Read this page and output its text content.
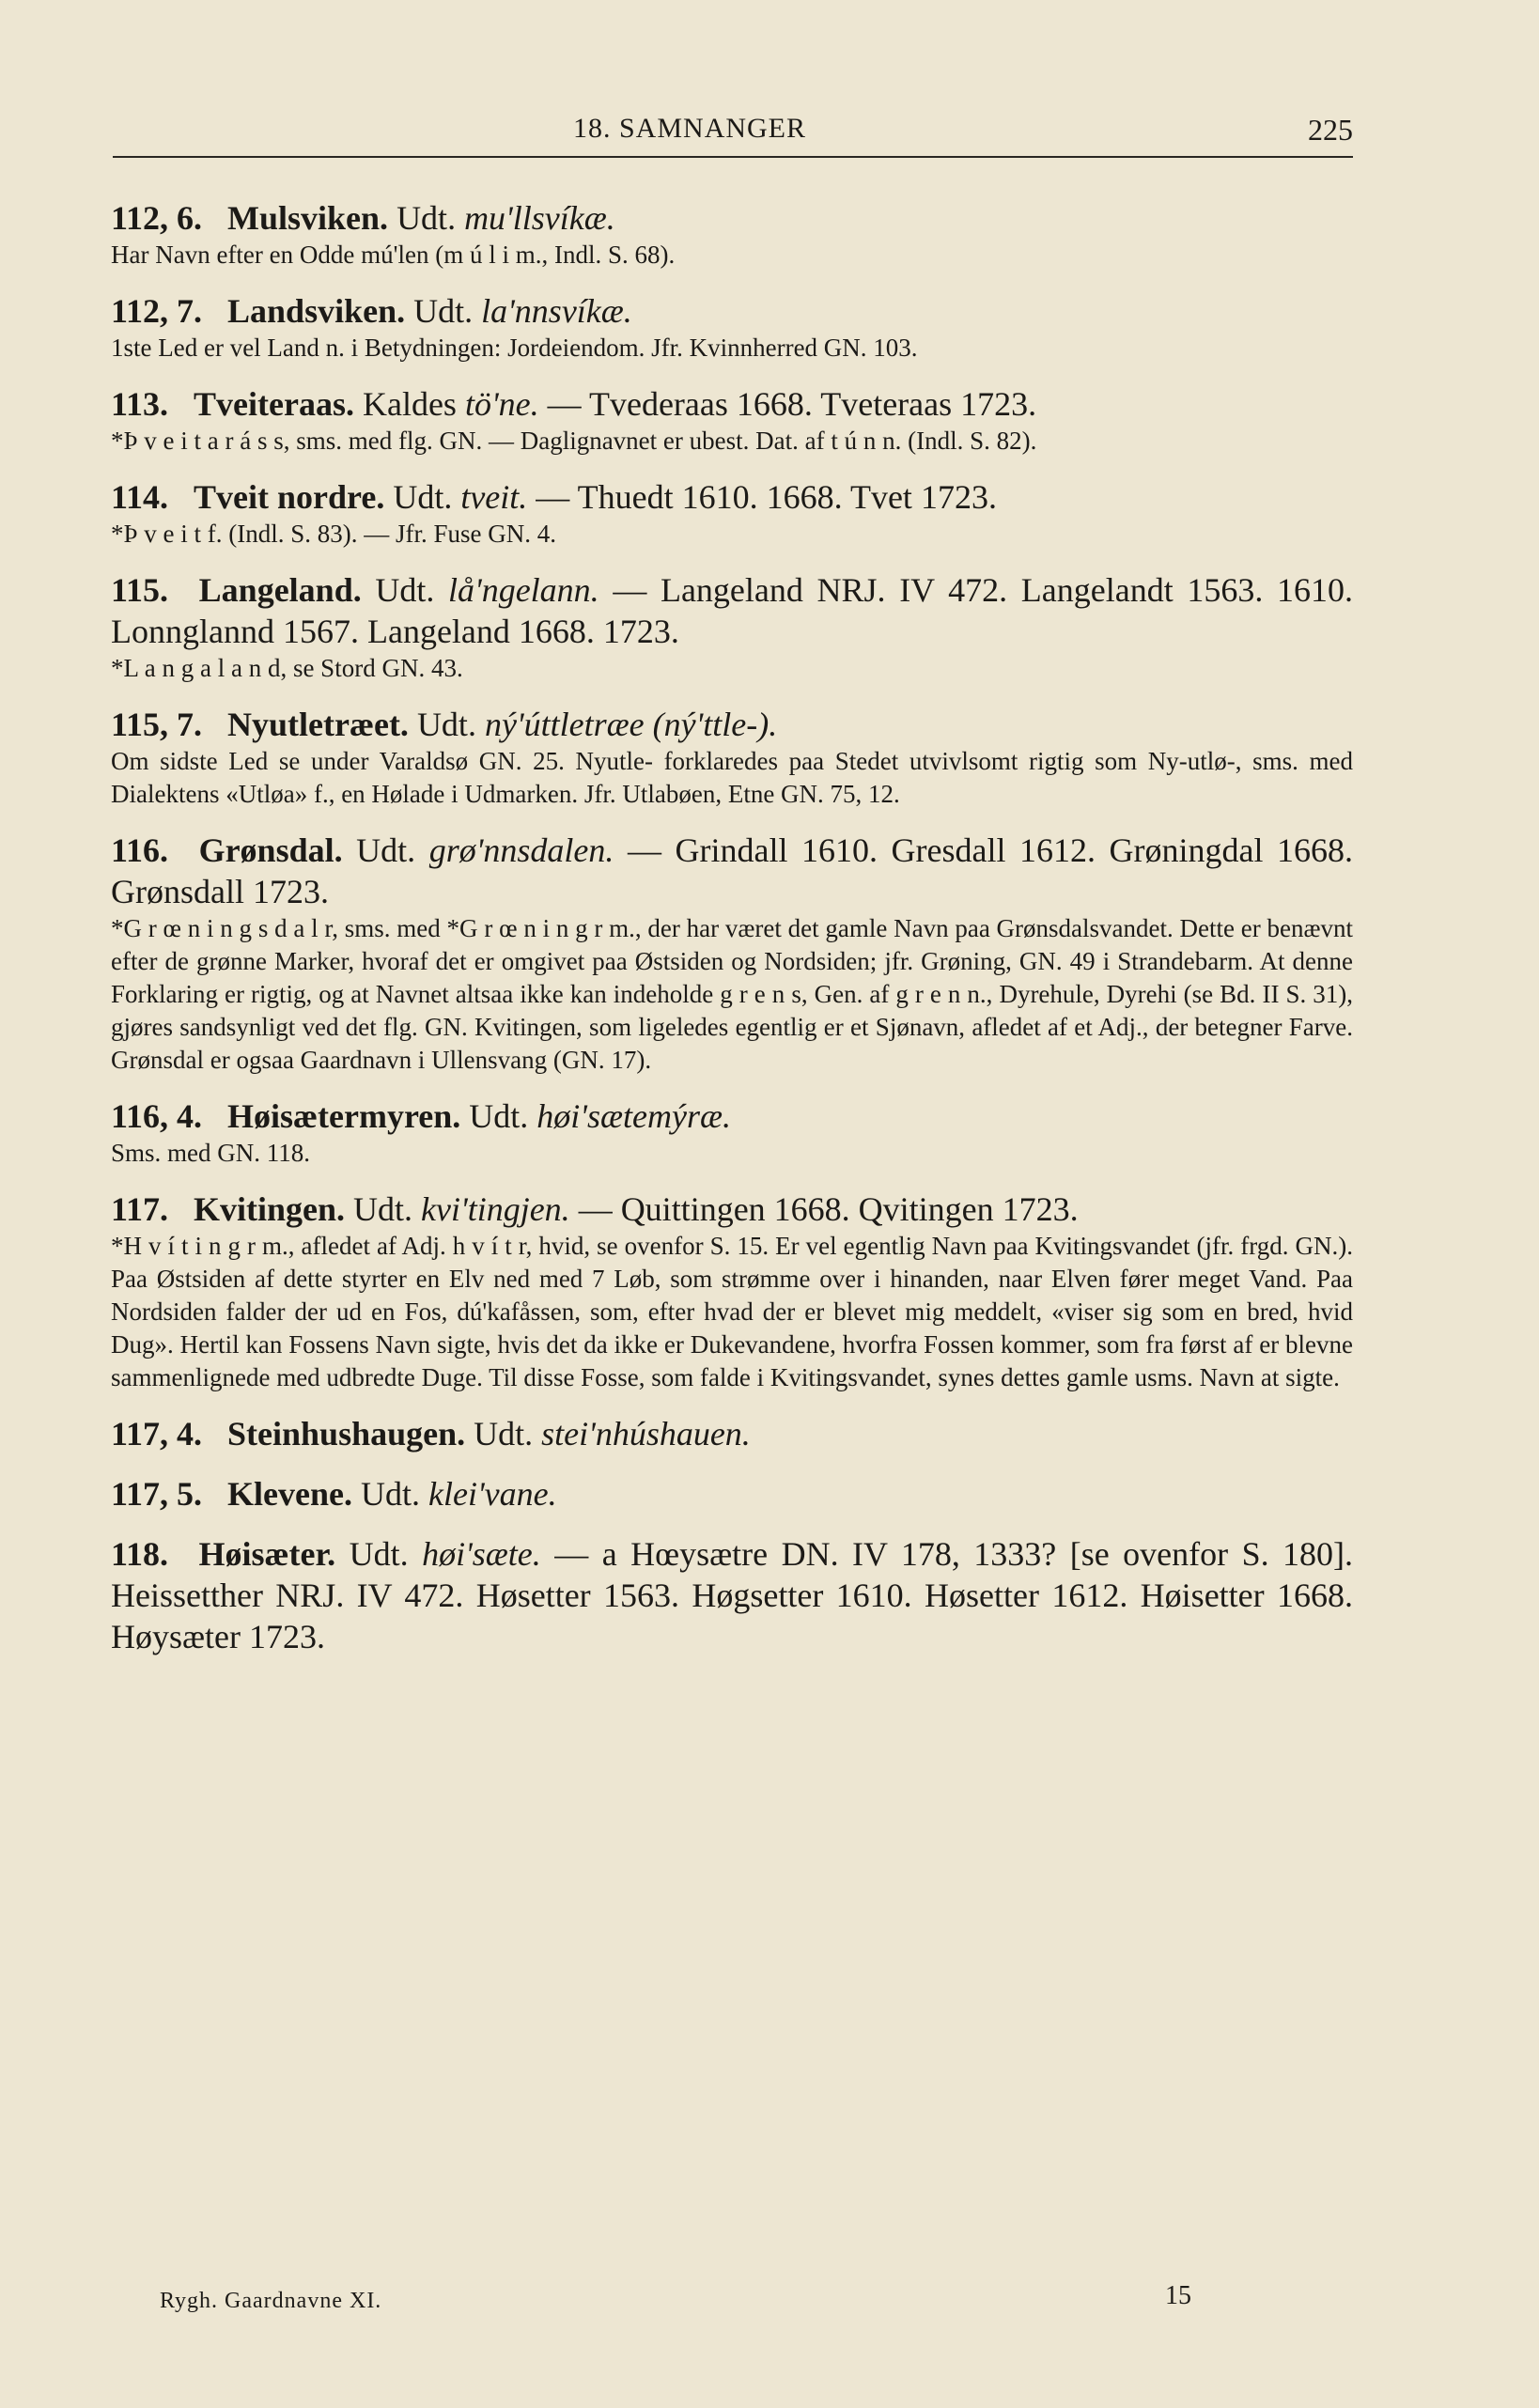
18. SAMNANGER	225
112, 6. Mulsviken. Udt. mu'llsvíkæ.
Har Navn efter en Odde mú'len (m ú l i m., Indl. S. 68).
112, 7. Landsviken. Udt. la'nnsvíkæ.
1ste Led er vel Land n. i Betydningen: Jordeiendom. Jfr. Kvinnherred GN. 103.
113. Tveiteraas. Kaldes tö'ne. — Tvederaas 1668. Tveteraas 1723.
*Þ v e i t a r á s s, sms. med flg. GN. — Daglignavnet er ubest. Dat. af t ú n n. (Indl. S. 82).
114. Tveit nordre. Udt. tveit. — Thuedt 1610. 1668. Tvet 1723.
*Þ v e i t f. (Indl. S. 83). — Jfr. Fuse GN. 4.
115. Langeland. Udt. lå'ngelann. — Langeland NRJ. IV 472. Langelandt 1563. 1610. Lonnglannd 1567. Langeland 1668. 1723.
*L a n g a l a n d, se Stord GN. 43.
115, 7. Nyutletræet. Udt. ný'úttletræe (ný'ttle-).
Om sidste Led se under Varaldsø GN. 25. Nyutle- forklaredes paa Stedet utvivlsomt rigtig som Ny-utlø-, sms. med Dialektens «Utløa» f., en Hølade i Udmarken. Jfr. Utlabøen, Etne GN. 75, 12.
116. Grønsdal. Udt. grø'nnsdalen. — Grindall 1610. Gresdall 1612. Grøningdal 1668. Grønsdall 1723.
*G r œ n i n g s d a l r, sms. med *G r œ n i n g r m., der har været det gamle Navn paa Grønsdalsvandet. Dette er benævnt efter de grønne Marker, hvoraf det er omgivet paa Østsiden og Nordsiden; jfr. Grøning, GN. 49 i Strandebarm. At denne Forklaring er rigtig, og at Navnet altsaa ikke kan indeholde g r e n s, Gen. af g r e n n., Dyrehule, Dyrehi (se Bd. II S. 31), gjøres sandsynligt ved det flg. GN. Kvitingen, som ligeledes egentlig er et Sjønavn, afledet af et Adj., der betegner Farve. Grønsdal er ogsaa Gaardnavn i Ullensvang (GN. 17).
116, 4. Høisætermyren. Udt. høi'sætemýræ.
Sms. med GN. 118.
117. Kvitingen. Udt. kvi'tingjen. — Quittingen 1668. Qvitingen 1723.
*H v í t i n g r m., afledet af Adj. h v í t r, hvid, se ovenfor S. 15. Er vel egentlig Navn paa Kvitingsvandet (jfr. frgd. GN.). Paa Østsiden af dette styrter en Elv ned med 7 Løb, som strømme over i hinanden, naar Elven fører meget Vand. Paa Nordsiden falder der ud en Fos, dú'kafåssen, som, efter hvad der er blevet mig meddelt, «viser sig som en bred, hvid Dug». Hertil kan Fossens Navn sigte, hvis det da ikke er Dukevandene, hvorfra Fossen kommer, som fra først af er blevne sammenlignede med udbredte Duge. Til disse Fosse, som falde i Kvitingsvandet, synes dettes gamle usms. Navn at sigte.
117, 4. Steinhushaugen. Udt. stei'nhúshauen.
117, 5. Klevene. Udt. klei'vane.
118. Høisæter. Udt. høi'sæte. — a Hœysætre DN. IV 178, 1333? [se ovenfor S. 180]. Heissetther NRJ. IV 472. Høsetter 1563. Høgsetter 1610. Høsetter 1612. Høisetter 1668. Høysæter 1723.
Rygh. Gaardnavne XI.	15
